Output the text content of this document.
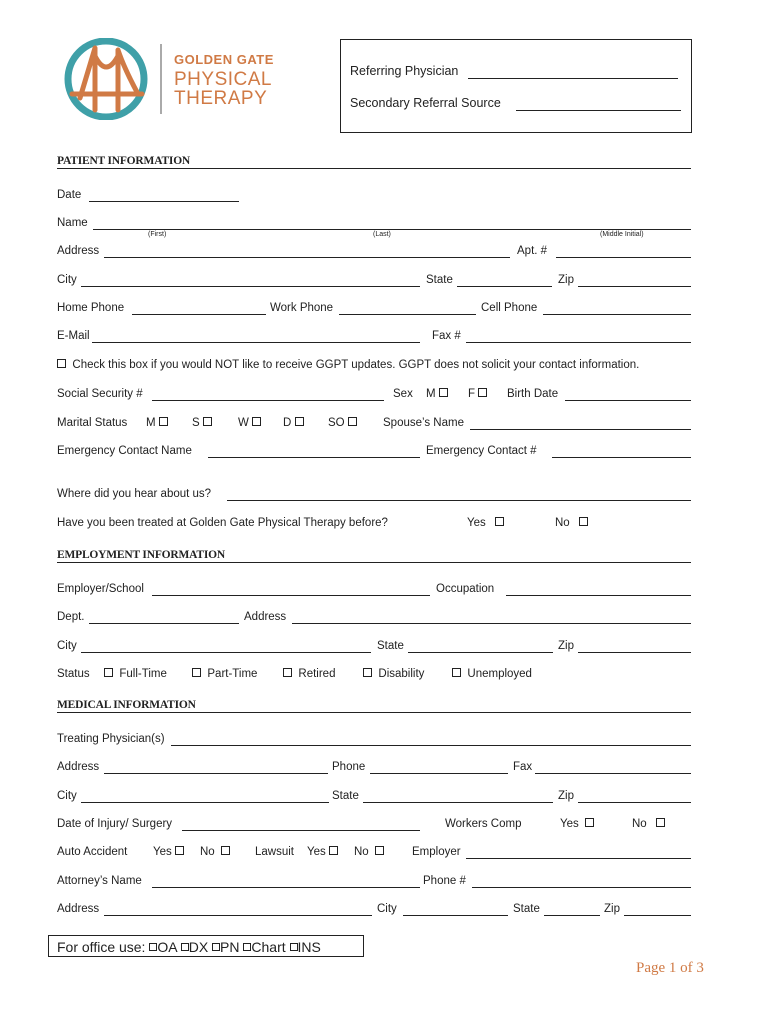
GOLDEN GATE
PHYSICAL
THERAPY
Referring Physician
Secondary Referral Source
PATIENT INFORMATION
Date
Name
(First)	(Last)	(Middle Initial)
Address	Apt. #
City	State	Zip
Home Phone	Work Phone	Cell Phone
E-Mail	Fax #
Check this box if you would NOT like to receive GGPT updates. GGPT does not solicit your contact information.
Social Security #	Sex M	F	Birth Date
Marital Status M	S	W	D	SO	Spouse’s Name
Emergency Contact Name	Emergency Contact #
Where did you hear about us?
Have you been treated at Golden Gate Physical Therapy before?	Yes	No
EMPLOYMENT INFORMATION
Employer/School	Occupation
Dept.	Address
City	State	Zip
Status	Full-Time	Part-Time	Retired	Disability	Unemployed
MEDICAL INFORMATION
Treating Physician(s)
Address	Phone	Fax
City	State	Zip
Date of Injury/ Surgery	Workers Comp	Yes	No
Auto Accident Yes	No	Lawsuit Yes	No	Employer
Attorney’s Name	Phone #
Address	City	State	Zip
For office use: OA DX PN Chart INS
Page 1 of 3
